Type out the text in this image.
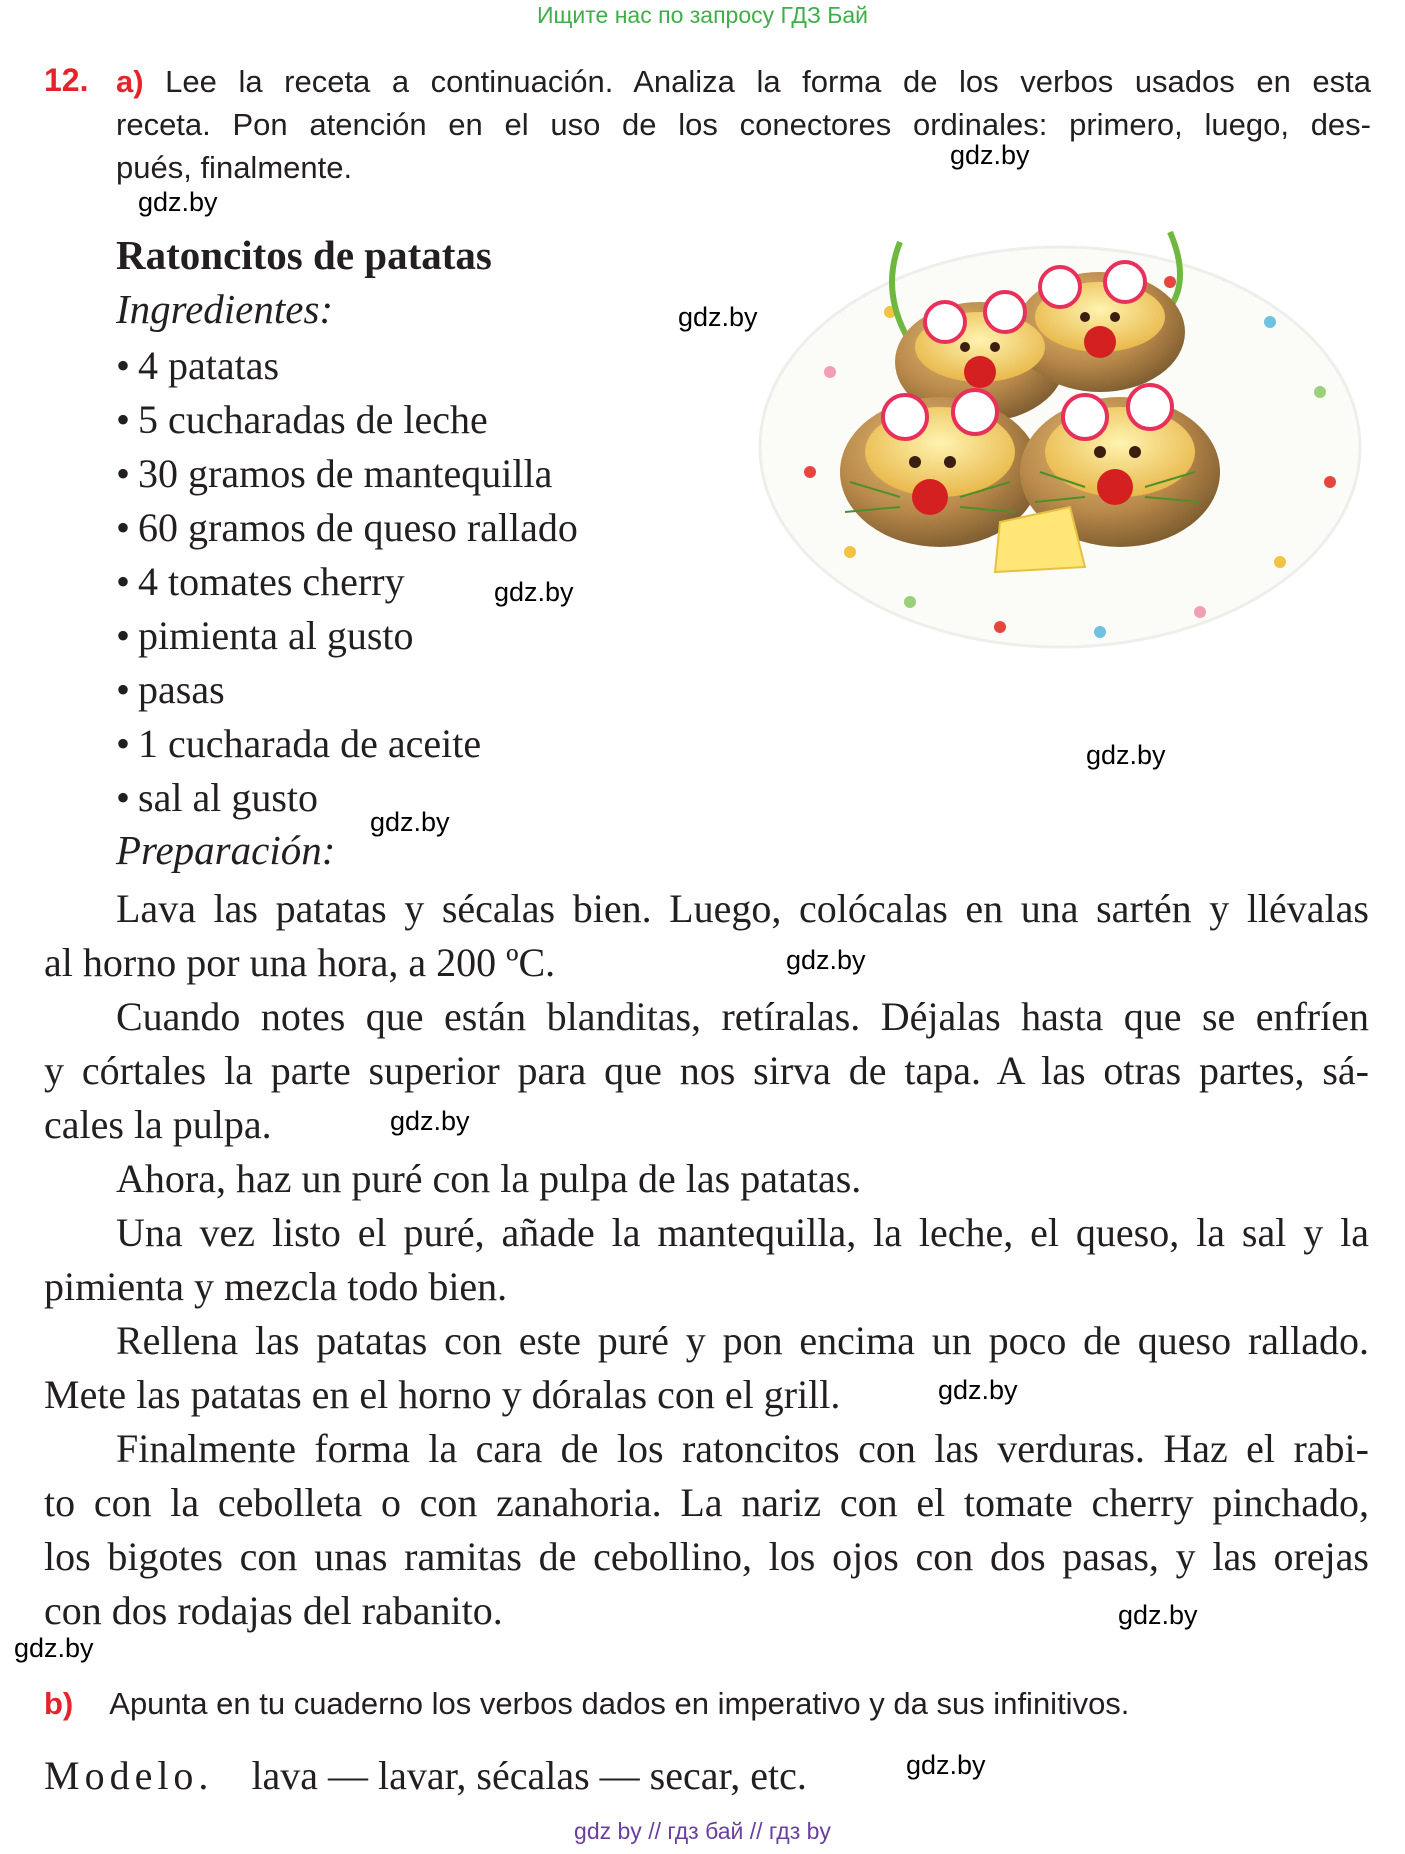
Ищите нас по запросу ГДЗ Бай
12. a) Lee la receta a continuación. Analiza la forma de los verbos usados en esta
receta. Pon atención en el uso de los conectores ordinales: primero, luego, des-
pués, finalmente.
Ratoncitos de patatas
Ingredientes:
• 4 patatas
• 5 cucharadas de leche
• 30 gramos de mantequilla
• 60 gramos de queso rallado
• 4 tomates cherry
• pimienta al gusto
• pasas
• 1 cucharada de aceite
• sal al gusto
Preparación:

Lava las patatas y sécalas bien. Luego, colócalas en una sartén y llévalas
al horno por una hora, a 200 ºC.

Cuando notes que están blanditas, retíralas. Déjalas hasta que se enfríen
y córtales la parte superior para que nos sirva de tapa. A las otras partes, sá-
cales la pulpa.

Ahora, haz un puré con la pulpa de las patatas.

Una vez listo el puré, añade la mantequilla, la leche, el queso, la sal y la
pimienta y mezcla todo bien.

Rellena las patatas con este puré y pon encima un poco de queso rallado.
Mete las patatas en el horno y dóralas con el grill.

Finalmente forma la cara de los ratoncitos con las verduras. Haz el rabi-
to con la cebolleta o con zanahoria. La nariz con el tomate cherry pinchado,
los bigotes con unas ramitas de cebollino, los ojos con dos pasas, y las orejas
con dos rodajas del rabanito.

b) Apunta en tu cuaderno los verbos dados en imperativo y da sus infinitivos.
Modelo. lava — lavar, sécalas — secar, etc.
gdz.by
gdz.by
gdz.by
gdz.by
gdz.by
gdz.by
gdz.by
gdz.by
gdz.by
gdz.by
gdz.by
gdz.by
gdz by // гдз бай // гдз by
